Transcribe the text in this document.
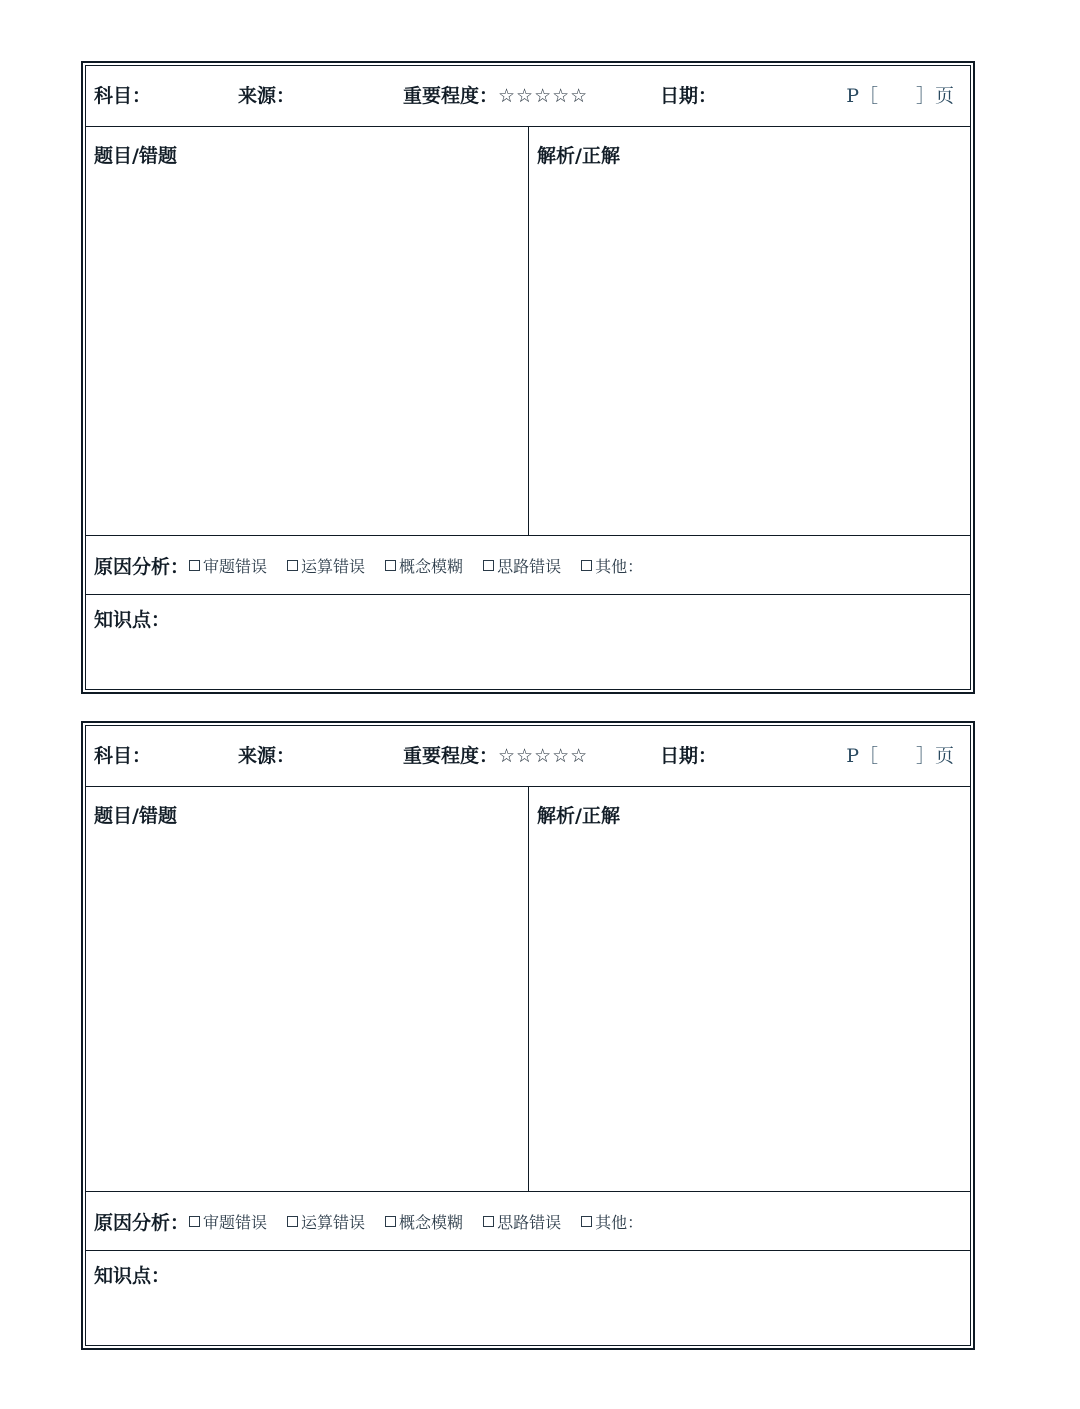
科目：	来源：	重要程度：☆☆☆☆☆	日期：	P［ ］页
题目/错题	解析/正解
原因分析： 审题错误 运算错误 概念模糊 思路错误 其他：
知识点：
科目：	来源：	重要程度：☆☆☆☆☆	日期：	P［ ］页
题目/错题	解析/正解
原因分析： 审题错误 运算错误 概念模糊 思路错误 其他：
知识点：
